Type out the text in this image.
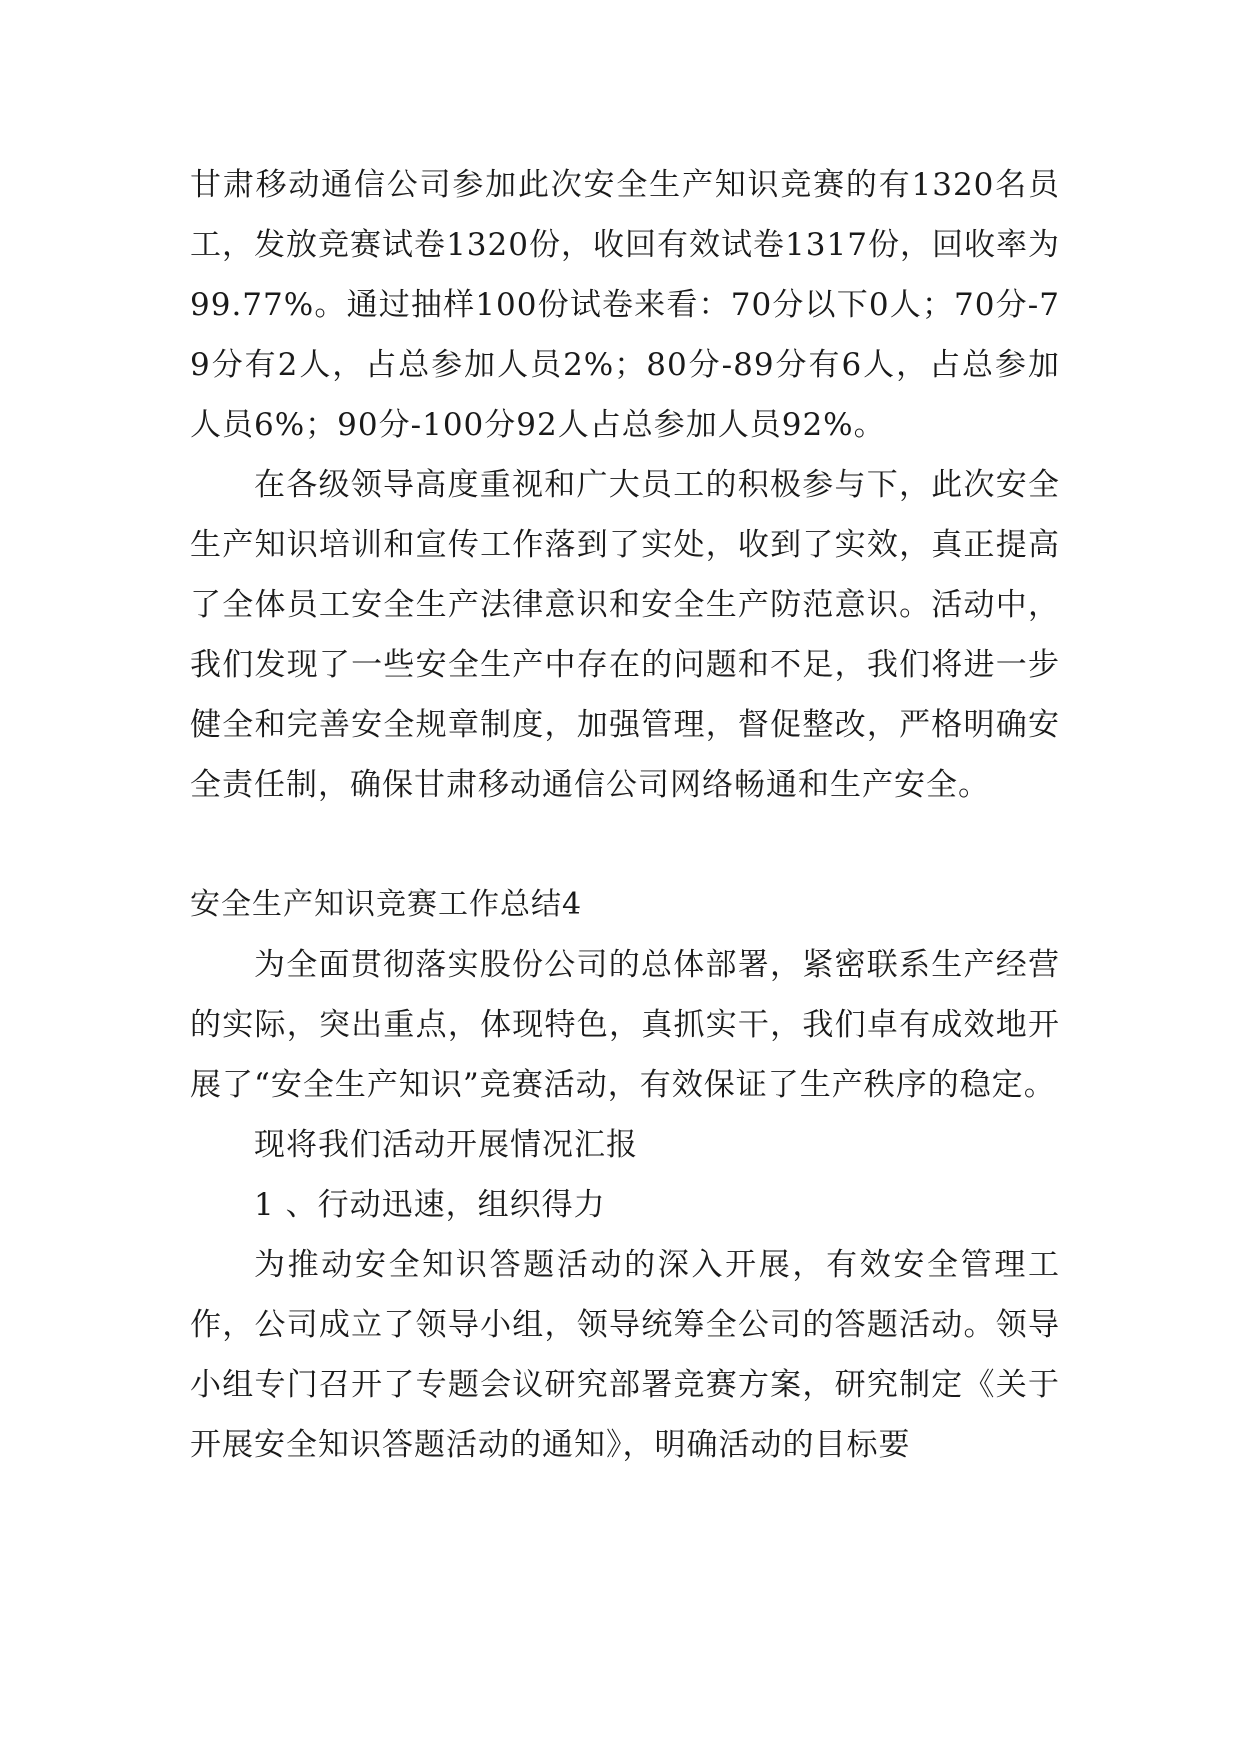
甘肃移动通信公司参加此次安全生产知识竞赛的有1320名员工，发放竞赛试卷1320份，收回有效试卷1317份，回收率为99.77%。通过抽样100份试卷来看：70分以下0人；70分-79分有2人，占总参加人员2%；80分-89分有6人，占总参加人员6%；90分-100分92人占总参加人员92%。

在各级领导高度重视和广大员工的积极参与下，此次安全生产知识培训和宣传工作落到了实处，收到了实效，真正提高了全体员工安全生产法律意识和安全生产防范意识。活动中，我们发现了一些安全生产中存在的问题和不足，我们将进一步健全和完善安全规章制度，加强管理，督促整改，严格明确安全责任制，确保甘肃移动通信公司网络畅通和生产安全。

安全生产知识竞赛工作总结4

为全面贯彻落实股份公司的总体部署，紧密联系生产经营的实际，突出重点，体现特色，真抓实干，我们卓有成效地开展了“安全生产知识”竞赛活动，有效保证了生产秩序的稳定。

现将我们活动开展情况汇报

1 、行动迅速，组织得力

为推动安全知识答题活动的深入开展，有效安全管理工作，公司成立了领导小组，领导统筹全公司的答题活动。领导小组专门召开了专题会议研究部署竞赛方案，研究制定《关于开展安全知识答题活动的通知》，明确活动的目标要
